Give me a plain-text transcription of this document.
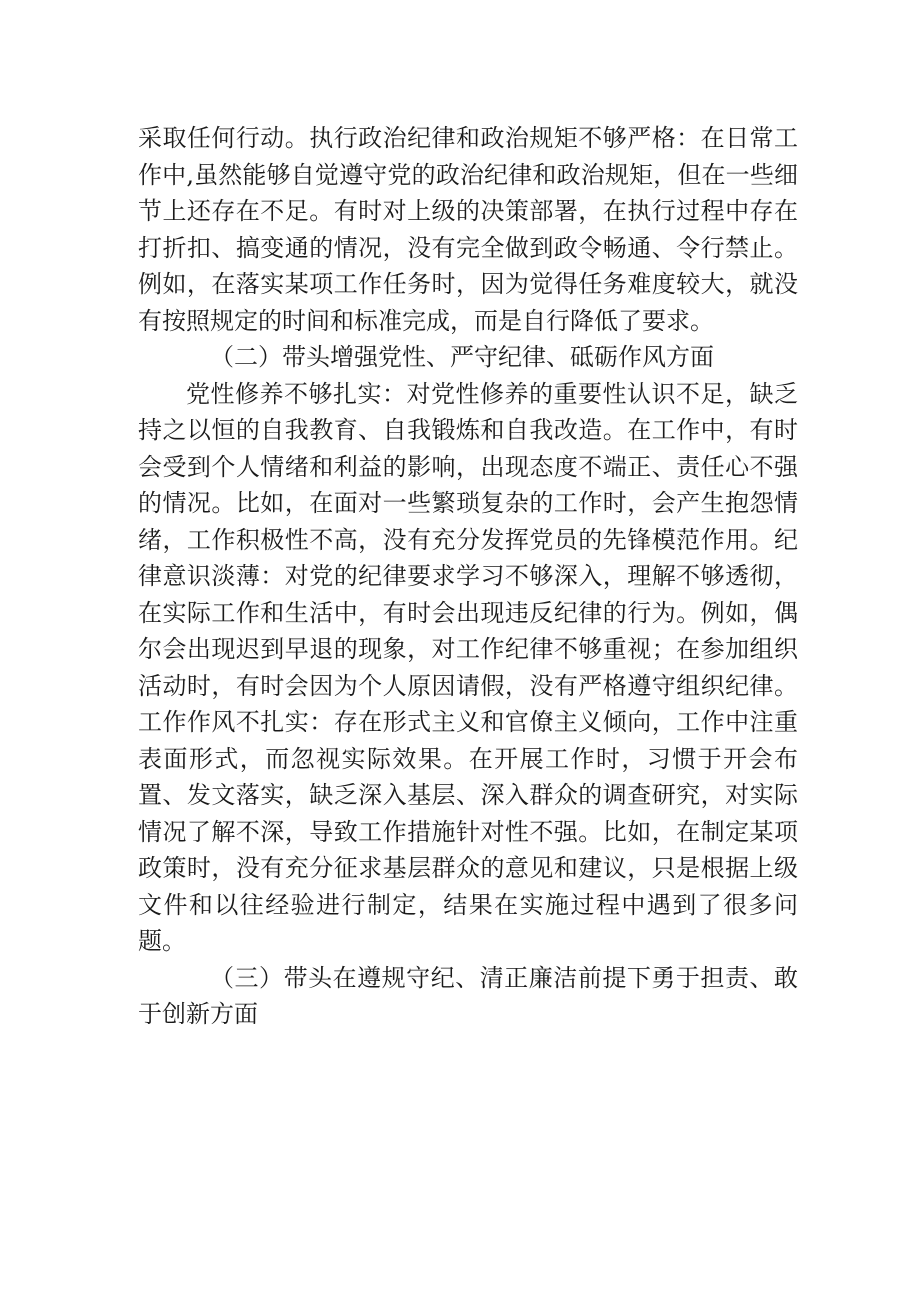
采取任何行动。执行政治纪律和政治规矩不够严格：在日常工作中,虽然能够自觉遵守党的政治纪律和政治规矩，但在一些细节上还存在不足。有时对上级的决策部署，在执行过程中存在打折扣、搞变通的情况，没有完全做到政令畅通、令行禁止。例如，在落实某项工作任务时，因为觉得任务难度较大，就没有按照规定的时间和标准完成，而是自行降低了要求。

（二）带头增强党性、严守纪律、砥砺作风方面

党性修养不够扎实：对党性修养的重要性认识不足，缺乏持之以恒的自我教育、自我锻炼和自我改造。在工作中，有时会受到个人情绪和利益的影响，出现态度不端正、责任心不强的情况。比如，在面对一些繁琐复杂的工作时，会产生抱怨情绪，工作积极性不高，没有充分发挥党员的先锋模范作用。纪律意识淡薄：对党的纪律要求学习不够深入，理解不够透彻，在实际工作和生活中，有时会出现违反纪律的行为。例如，偶尔会出现迟到早退的现象，对工作纪律不够重视；在参加组织活动时，有时会因为个人原因请假，没有严格遵守组织纪律。工作作风不扎实：存在形式主义和官僚主义倾向，工作中注重表面形式，而忽视实际效果。在开展工作时，习惯于开会布置、发文落实，缺乏深入基层、深入群众的调查研究，对实际情况了解不深，导致工作措施针对性不强。比如，在制定某项政策时，没有充分征求基层群众的意见和建议，只是根据上级文件和以往经验进行制定，结果在实施过程中遇到了很多问题。

（三）带头在遵规守纪、清正廉洁前提下勇于担责、敢于创新方面
